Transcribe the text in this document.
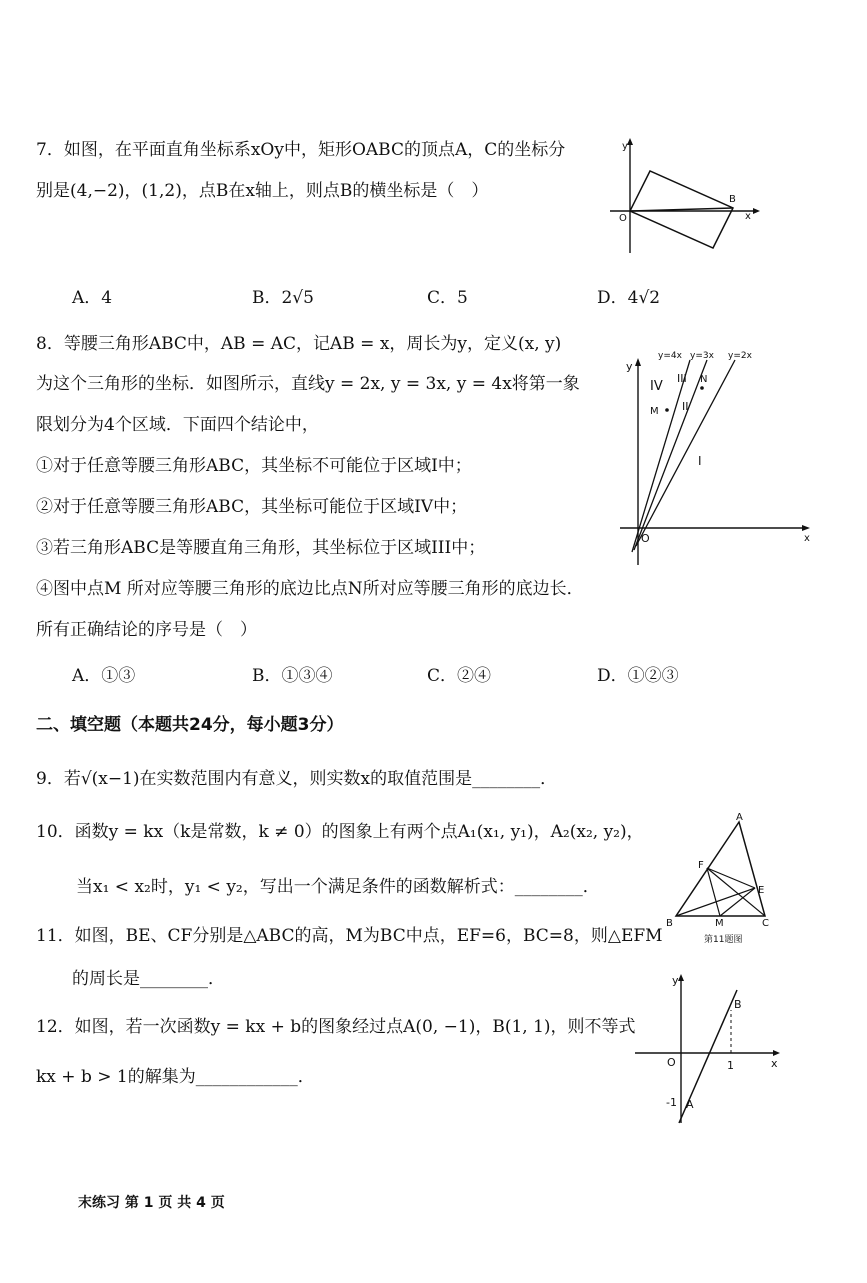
7．如图，在平面直角坐标系xOy中，矩形OABC的顶点A，C的坐标分
别是(4,−2)，(1,2)，点B在x轴上，则点B的横坐标是（　）
A．4	B．2√5	C．5	D．4√2
y
O
B
x
8．等腰三角形ABC中，AB = AC，记AB = x，周长为y，定义(x, y)
为这个三角形的坐标．如图所示，直线y = 2x, y = 3x, y = 4x将第一象
限划分为4个区域．下面四个结论中，
①对于任意等腰三角形ABC，其坐标不可能位于区域I中；
②对于任意等腰三角形ABC，其坐标可能位于区域IV中；
③若三角形ABC是等腰直角三角形，其坐标位于区域III中；
④图中点M 所对应等腰三角形的底边比点N所对应等腰三角形的底边长．
所有正确结论的序号是（　）
A．①③	B．①③④	C．②④	D．①②③
y=4x y=3x y=2x
y
IV
III N
M II
I
O	x
二、填空题（本题共24分，每小题3分）
9．若√(x−1)在实数范围内有意义，则实数x的取值范围是________．
10．函数y = kx（k是常数，k ≠ 0）的图象上有两个点A₁(x₁, y₁)，A₂(x₂, y₂)，
当x₁ < x₂时，y₁ < y₂，写出一个满足条件的函数解析式：________．
11．如图，BE、CF分别是△ABC的高，M为BC中点，EF=6，BC=8，则△EFM
的周长是________．
A
F
E
B	M	C
第11题图
12．如图，若一次函数y = kx + b的图象经过点A(0, −1)，B(1, 1)，则不等式
kx + b > 1的解集为____________．
y
B
O	1	x
-1 A
末练习 第 1 页 共 4 页
